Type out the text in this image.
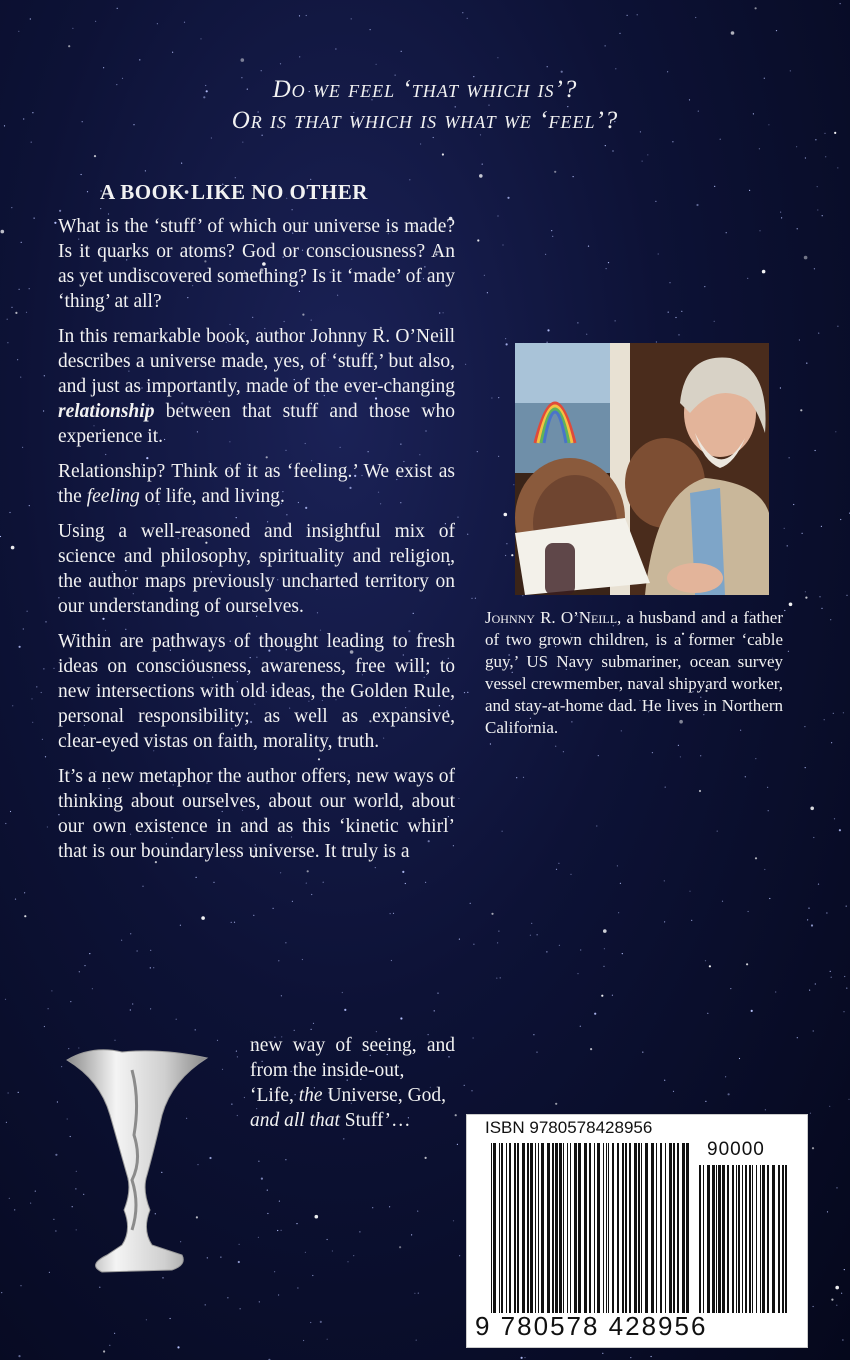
Do we feel ‘that which is’?
Or is that which is what we ‘feel’?
A BOOK LIKE NO OTHER

What is the ‘stuff’ of which our universe is made? Is it quarks or atoms? God or consciousness? An as yet undiscovered something? Is it ‘made’ of any ‘thing’ at all?

In this remarkable book, author Johnny R. O’Neill describes a universe made, yes, of ‘stuff,’ but also, and just as importantly, made of the ever-changing relationship between that stuff and those who experience it.

Relationship? Think of it as ‘feeling.’ We exist as the feeling of life, and living.

Using a well-reasoned and insightful mix of science and philosophy, spirituality and religion, the author maps previously uncharted territory on our understanding of ourselves.

Within are pathways of thought leading to fresh ideas on consciousness, awareness, free will; to new intersections with old ideas, the Golden Rule, personal responsibility; as well as expansive, clear-eyed vistas on faith, morality, truth.

It’s a new metaphor the author offers, new ways of thinking about ourselves, about our world, about our own existence in and as this ‘kinetic whirl’ that is our boundaryless universe. It truly is a

new way of seeing, and from the inside-out,
‘Life, the Universe, God,
and all that Stuff’…
Johnny R. O’Neill, a husband and a father of two grown children, is a former ‘cable guy,’ US Navy submariner, ocean survey vessel crewmember, naval shipyard worker, and stay-at-home dad. He lives in Northern California.
ISBN 9780578428956
90000
9 780578 428956
